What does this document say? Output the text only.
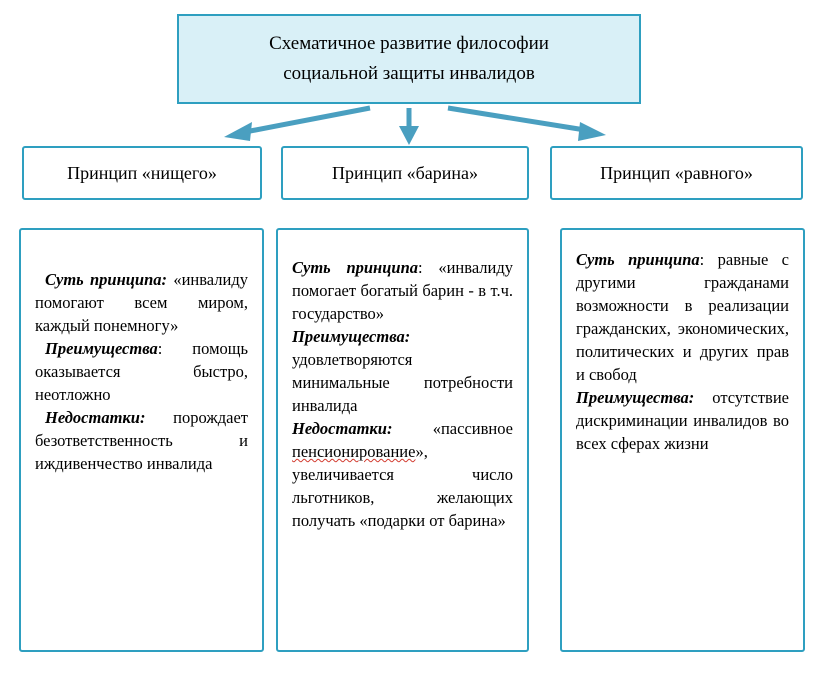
Схематичное развитие философии
социальной защиты инвалидов
Принцип «нищего»	Принцип «барина»	Принцип «равного»

Суть принципа: «инвалиду помогают всем миром, каждый понемногу»

Преимущества: помощь оказывается быстро, неотложно

Недостатки: порождает безответственность и иждивенчество инвалида

Суть принципа: «инвалиду помогает богатый барин - в т.ч. государство»

Преимущества: удовлетворяются минимальные потребности инвалида

Недостатки: «пассивное пенсионирование», увеличивается число льготников, желающих получать «подарки от барина»

Суть принципа: равные с другими гражданами возможности в реализации гражданских, экономических, политических и других прав и свобод

Преимущества: отсутствие дискриминации инвалидов во всех сферах жизни
